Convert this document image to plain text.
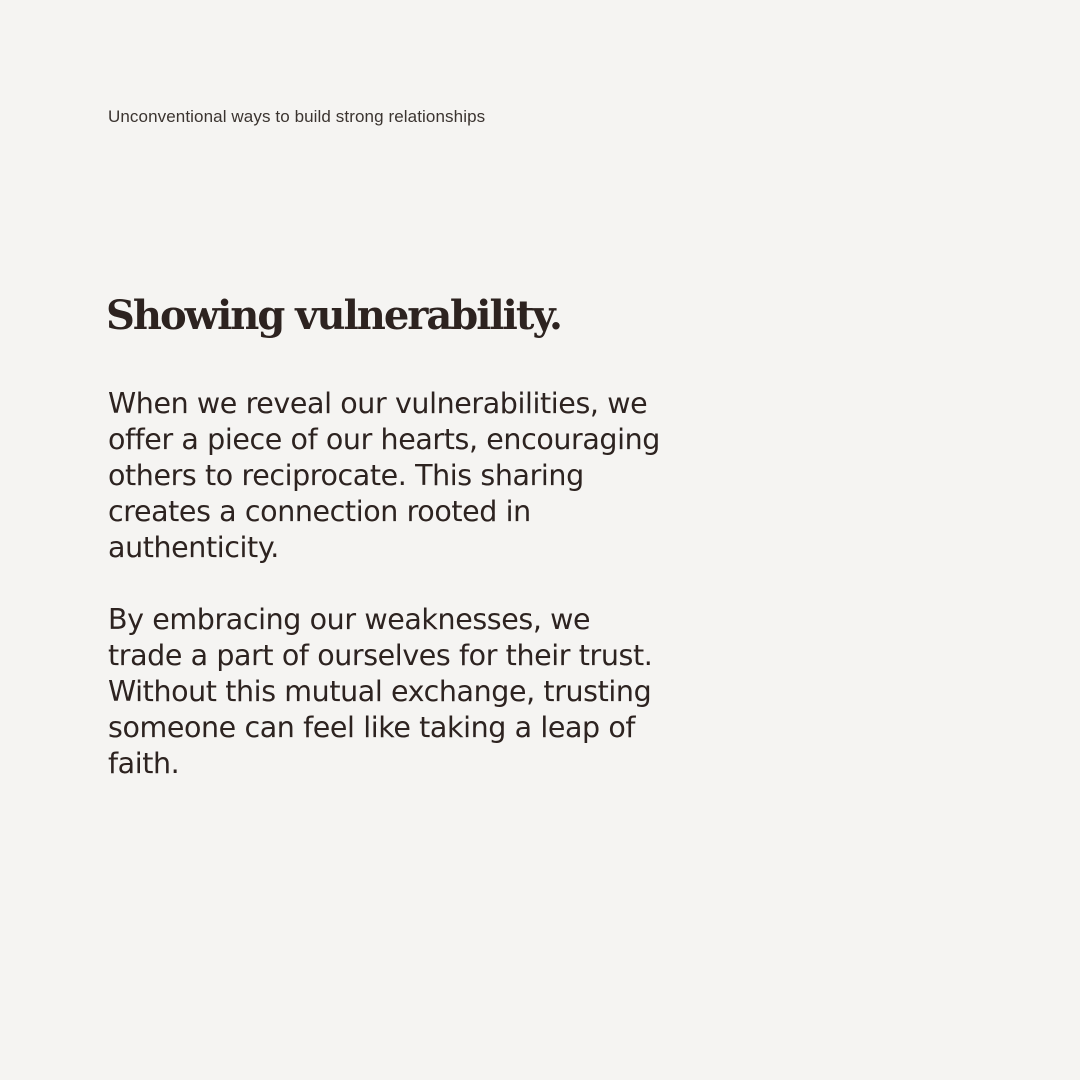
Unconventional ways to build strong relationships

Showing vulnerability.

When we reveal our vulnerabilities, we
offer a piece of our hearts, encouraging
others to reciprocate. This sharing
creates a connection rooted in
authenticity.

By embracing our weaknesses, we
trade a part of ourselves for their trust.
Without this mutual exchange, trusting
someone can feel like taking a leap of
faith.
